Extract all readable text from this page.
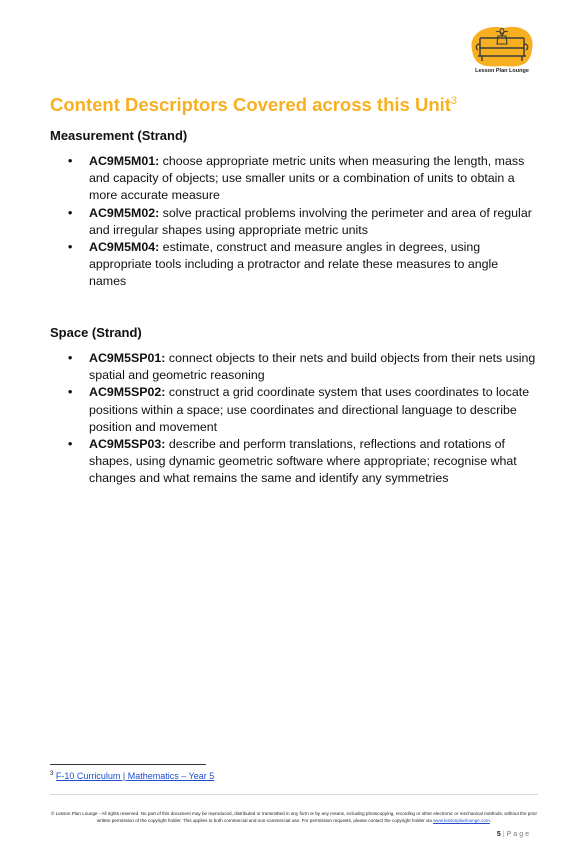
Lesson Plan Lounge
Content Descriptors Covered across this Unit$^3$
Measurement (Strand)
• AC9M5M01: choose appropriate metric units when measuring the length, mass and capacity of objects; use smaller units or a combination of units to obtain a more accurate measure
• AC9M5M02: solve practical problems involving the perimeter and area of regular and irregular shapes using appropriate metric units
• AC9M5M04: estimate, construct and measure angles in degrees, using appropriate tools including a protractor and relate these measures to angle names
Space (Strand)
• AC9M5SP01: connect objects to their nets and build objects from their nets using spatial and geometric reasoning
• AC9M5SP02: construct a grid coordinate system that uses coordinates to locate positions within a space; use coordinates and directional language to describe position and movement
• AC9M5SP03: describe and perform translations, reflections and rotations of shapes, using dynamic geometric software where appropriate; recognise what changes and what remains the same and identify any symmetries
$^3$ F-10 Curriculum | Mathematics – Year 5

© Lesson Plan Lounge - All rights reserved. No part of this document may be reproduced, distributed or transmitted in any form or by any means, including photocopying, recording or other electronic or mechanical methods, without the prior written permission of the copyright holder. This applies to both commercial and non-commercial use. For permission requests, please contact the copyright holder via www.lessonplanlounge.com.

5 | Page
